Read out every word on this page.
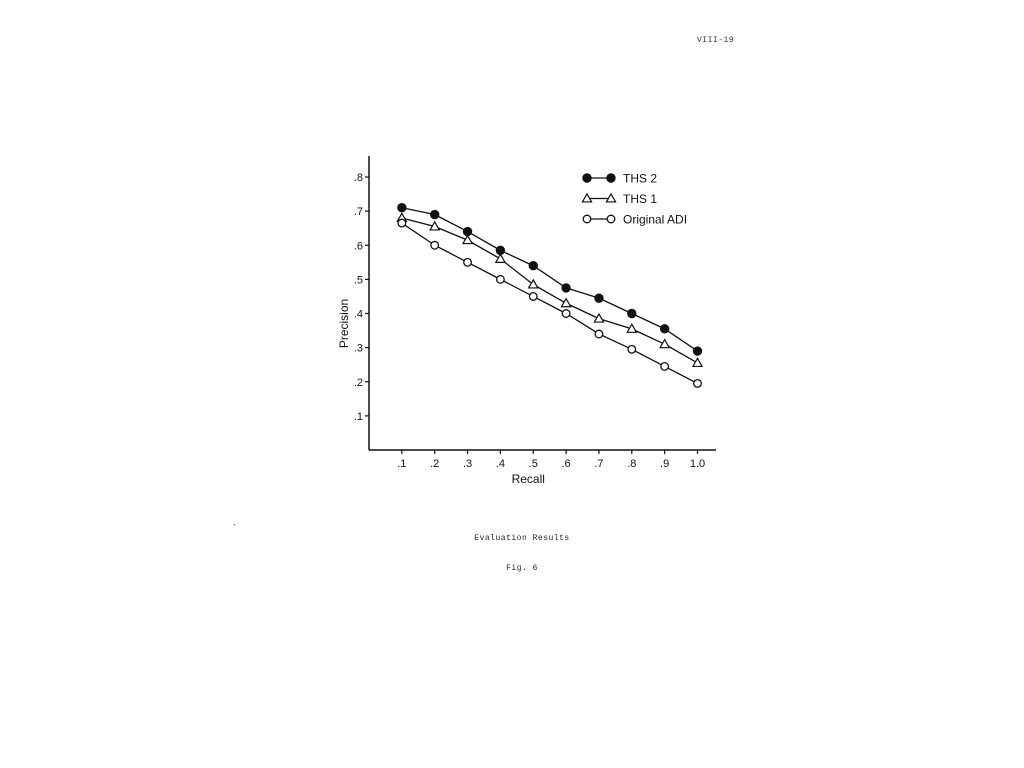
VIII-19
-
.1 .2 .3 .4 .5 .6 .7 .8 .9 1.0
.1
.2
.3
.4
.5
.6
.7
.8	THS 2
THS 1
Original ADI
Recall
Precision
Evaluation Results
Fig. 6
